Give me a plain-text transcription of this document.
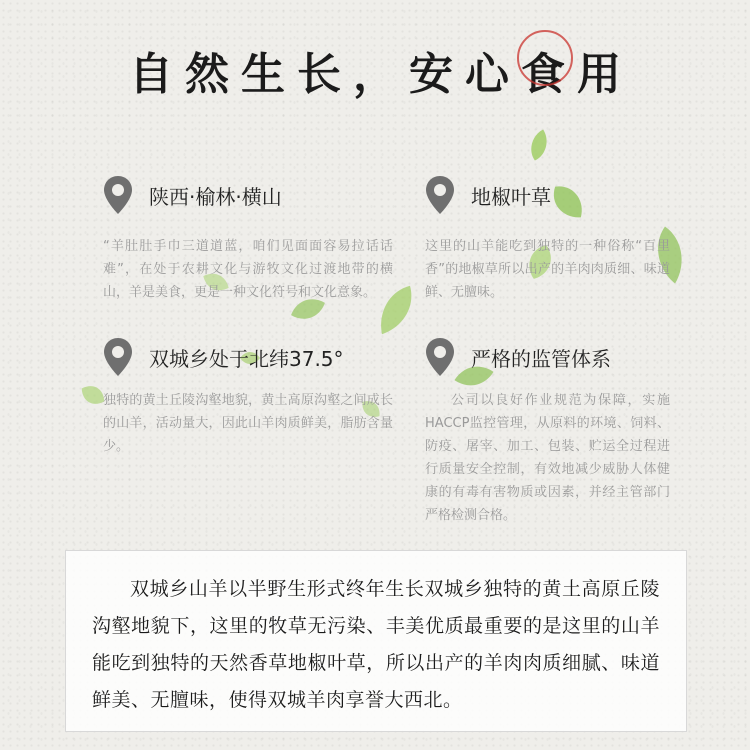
自 然 生 长 ， 安 心 食 用
陕西·榆林·横山
“羊肚肚手巾三道道蓝，咱们见面面容易拉话话难”，在处于农耕文化与游牧文化过渡地带的横山，羊是美食，更是一种文化符号和文化意象。
地椒叶草
这里的山羊能吃到独特的一种俗称“百里香”的地椒草所以出产的羊肉肉质细、味道鲜、无膻味。
双城乡处于北纬37.5°
独特的黄土丘陵沟壑地貌，黄土高原沟壑之间成长的山羊，活动量大，因此山羊肉质鲜美，脂肪含量少。
严格的监管体系
公司以良好作业规范为保障，实施HACCP监控管理，从原料的环境、饲料、防疫、屠宰、加工、包装、贮运全过程进行质量安全控制，有效地减少威胁人体健康的有毒有害物质或因素，并经主管部门严格检测合格。

双城乡山羊以半野生形式终年生长双城乡独特的黄土高原丘陵沟壑地貌下，这里的牧草无污染、丰美优质最重要的是这里的山羊能吃到独特的天然香草地椒叶草，所以出产的羊肉肉质细腻、味道鲜美、无膻味，使得双城羊肉享誉大西北。
